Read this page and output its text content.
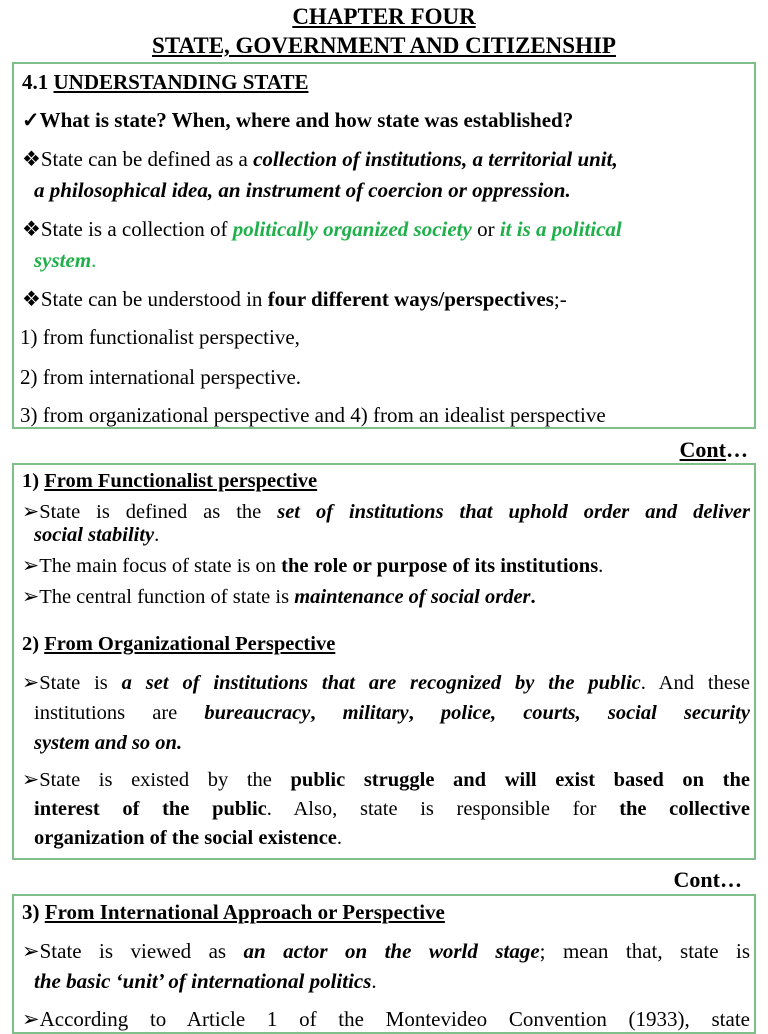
CHAPTER FOUR
STATE, GOVERNMENT AND CITIZENSHIP
4.1 UNDERSTANDING STATE
✓What is state? When, where and how state was established?
❖State can be defined as a collection of institutions, a territorial unit,
a philosophical idea, an instrument of coercion or oppression.
❖State is a collection of politically organized society or it is a political
system.
❖State can be understood in four different ways/perspectives;-
1) from functionalist perspective,
2) from international perspective.
3) from organizational perspective and 4) from an idealist perspective
Cont…
1) From Functionalist perspective
➢State is defined as the set of institutions that uphold order and deliver
social stability.
➢The main focus of state is on the role or purpose of its institutions.
➢The central function of state is maintenance of social order.
2) From Organizational Perspective
➢State is a set of institutions that are recognized by the public. And these
institutions are bureaucracy, military, police, courts, social security
system and so on.
➢State is existed by the public struggle and will exist based on the
interest of the public. Also, state is responsible for the collective
organization of the social existence.
Cont…
3) From International Approach or Perspective
➢State is viewed as an actor on the world stage; mean that, state is
the basic ‘unit’ of international politics.
➢According to Article 1 of the Montevideo Convention (1933), state
